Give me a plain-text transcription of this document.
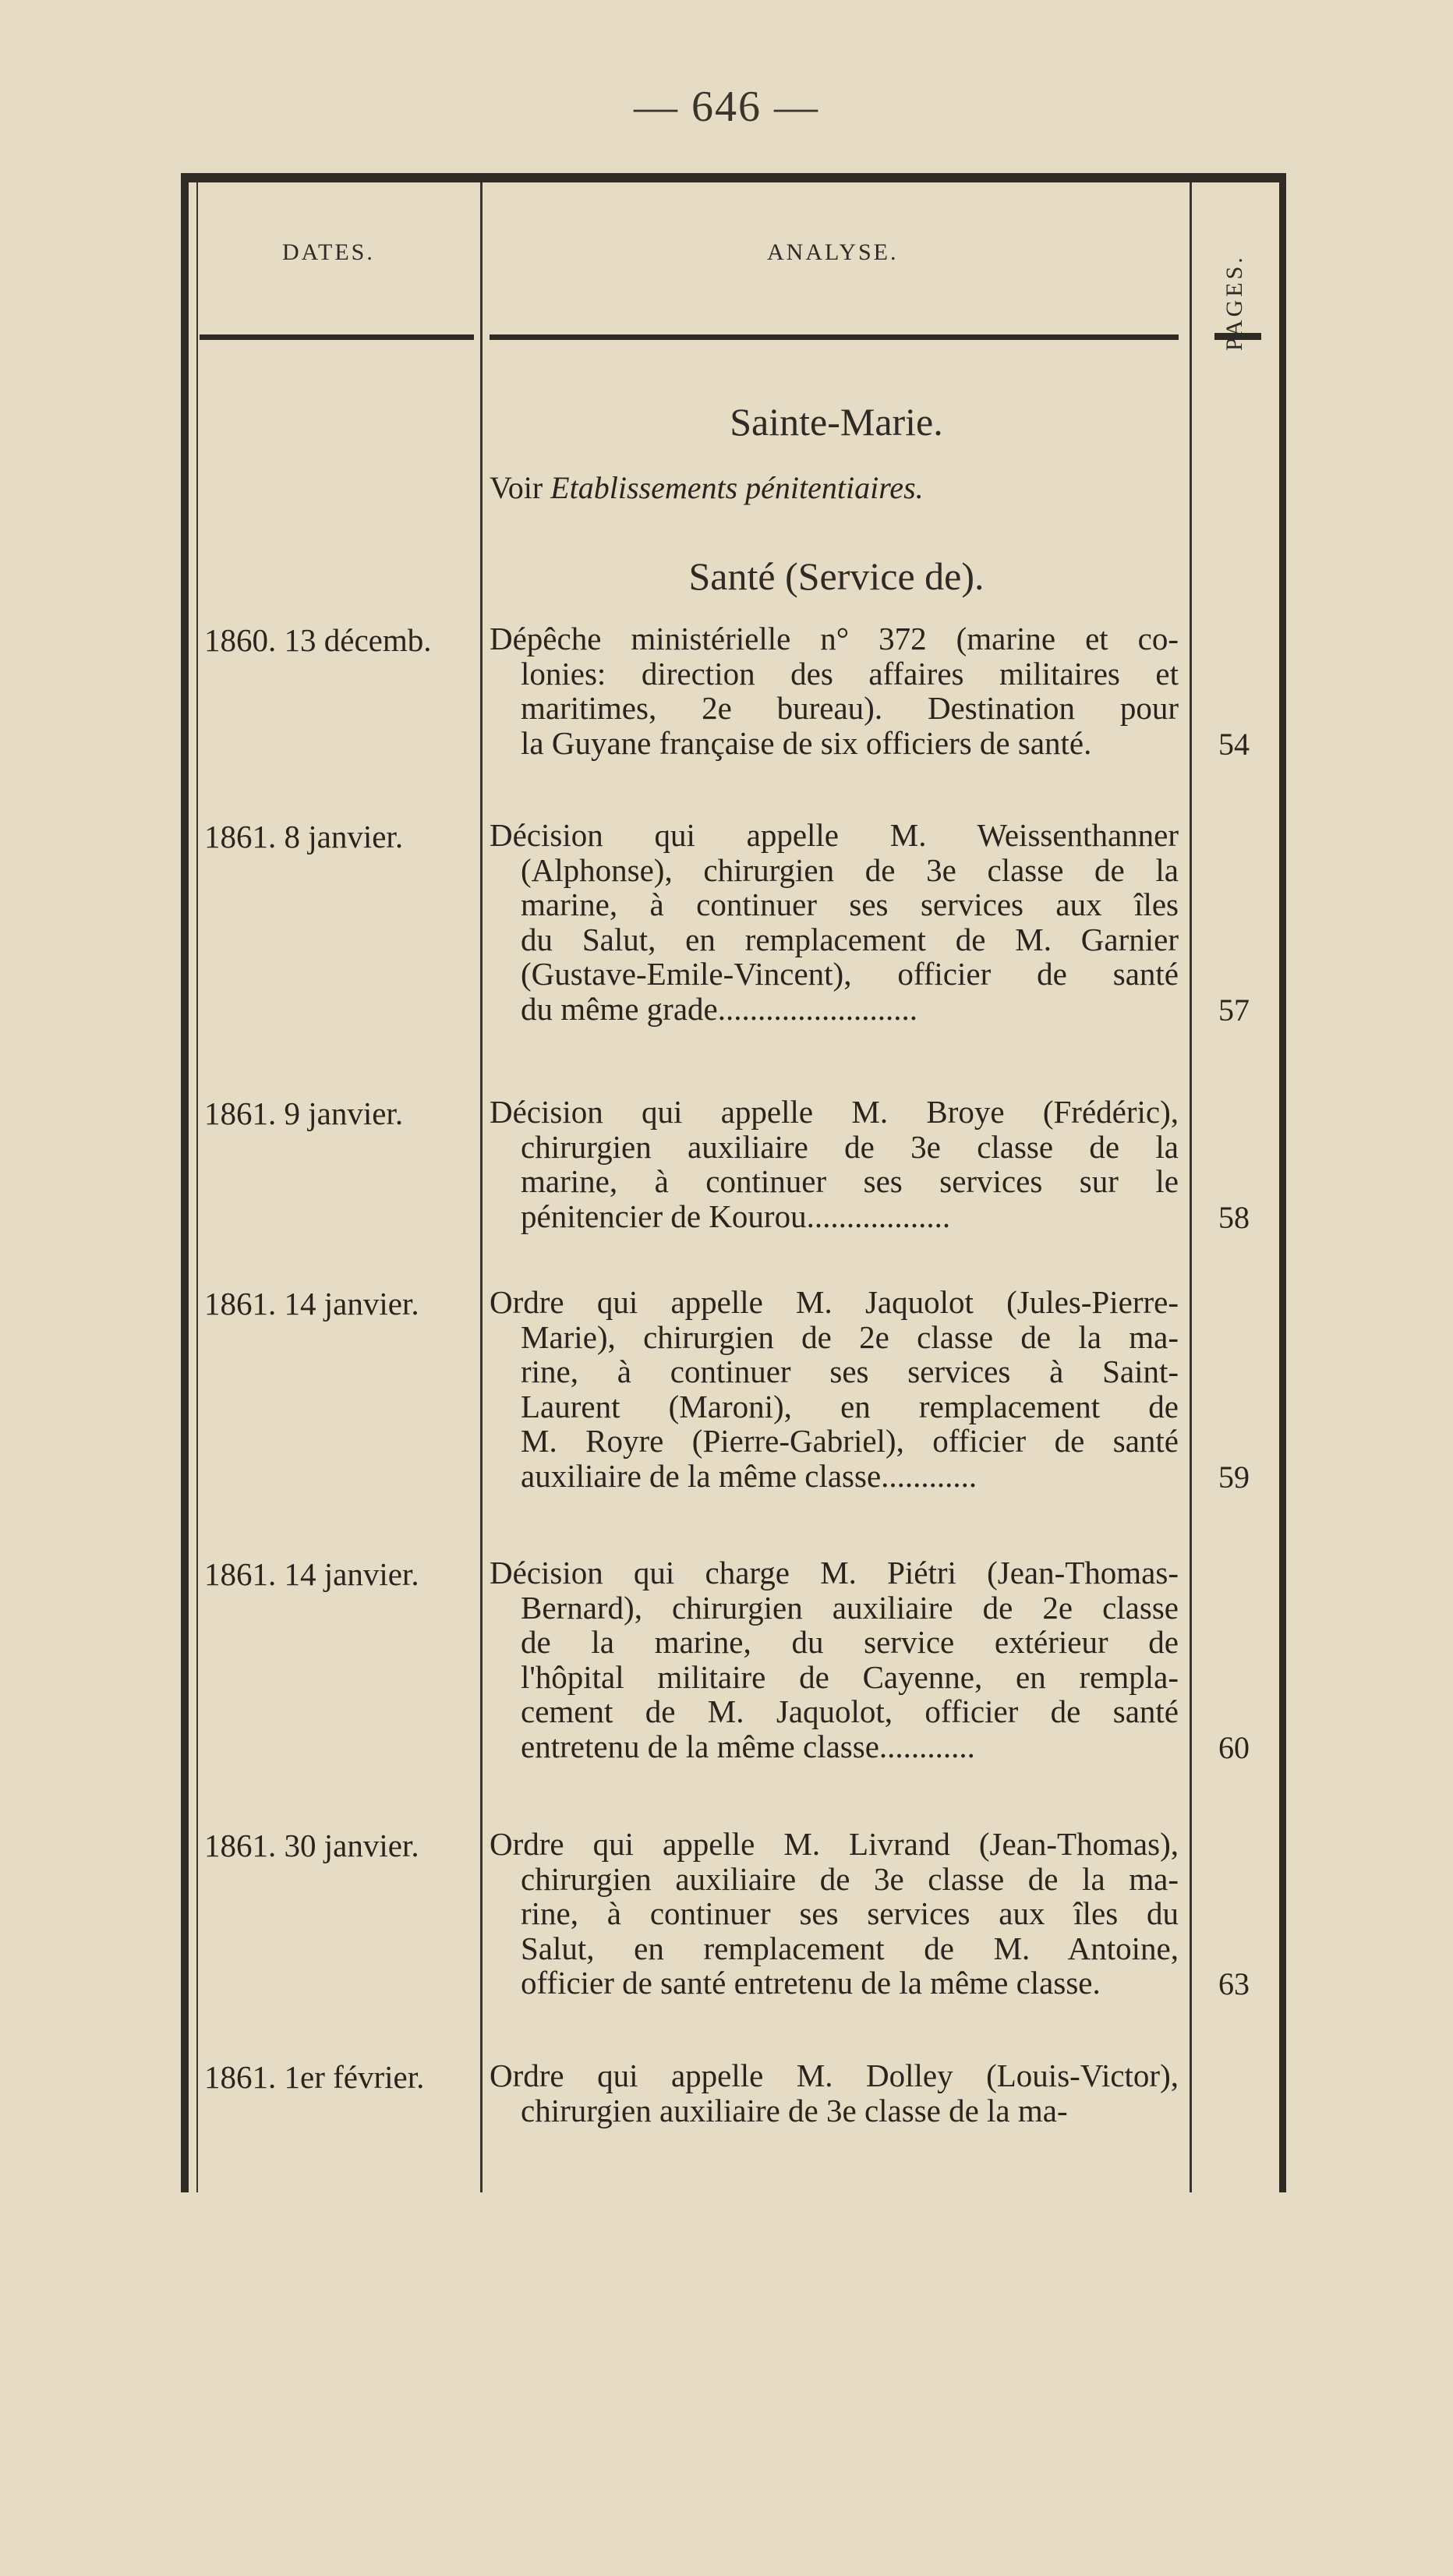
— 646 —
DATES.	ANALYSE.
PAGES.
Sainte-Marie.
Voir Etablissements pénitentiaires.
Santé (Service de).
1860. 13 décemb.	Dépêche ministérielle n° 372 (marine et co-
lonies: direction des affaires militaires et
maritimes, 2e bureau). Destination pour
la Guyane française de six officiers de santé.	54
1861. 8 janvier.	Décision qui appelle M. Weissenthanner
(Alphonse), chirurgien de 3e classe de la
marine, à continuer ses services aux îles
du Salut, en remplacement de M. Garnier
(Gustave-Emile-Vincent), officier de santé
du même grade.........................	57
1861. 9 janvier.	Décision qui appelle M. Broye (Frédéric),
chirurgien auxiliaire de 3e classe de la
marine, à continuer ses services sur le
pénitencier de Kourou..................	58
1861. 14 janvier.	Ordre qui appelle M. Jaquolot (Jules-Pierre-
Marie), chirurgien de 2e classe de la ma-
rine, à continuer ses services à Saint-
Laurent (Maroni), en remplacement de
M. Royre (Pierre-Gabriel), officier de santé
auxiliaire de la même classe............	59
1861. 14 janvier.	Décision qui charge M. Piétri (Jean-Thomas-
Bernard), chirurgien auxiliaire de 2e classe
de la marine, du service extérieur de
l'hôpital militaire de Cayenne, en rempla-
cement de M. Jaquolot, officier de santé
entretenu de la même classe............	60
1861. 30 janvier.	Ordre qui appelle M. Livrand (Jean-Thomas),
chirurgien auxiliaire de 3e classe de la ma-
rine, à continuer ses services aux îles du
Salut, en remplacement de M. Antoine,
officier de santé entretenu de la même classe.	63
1861. 1er février.	Ordre qui appelle M. Dolley (Louis-Victor),
chirurgien auxiliaire de 3e classe de la ma-
